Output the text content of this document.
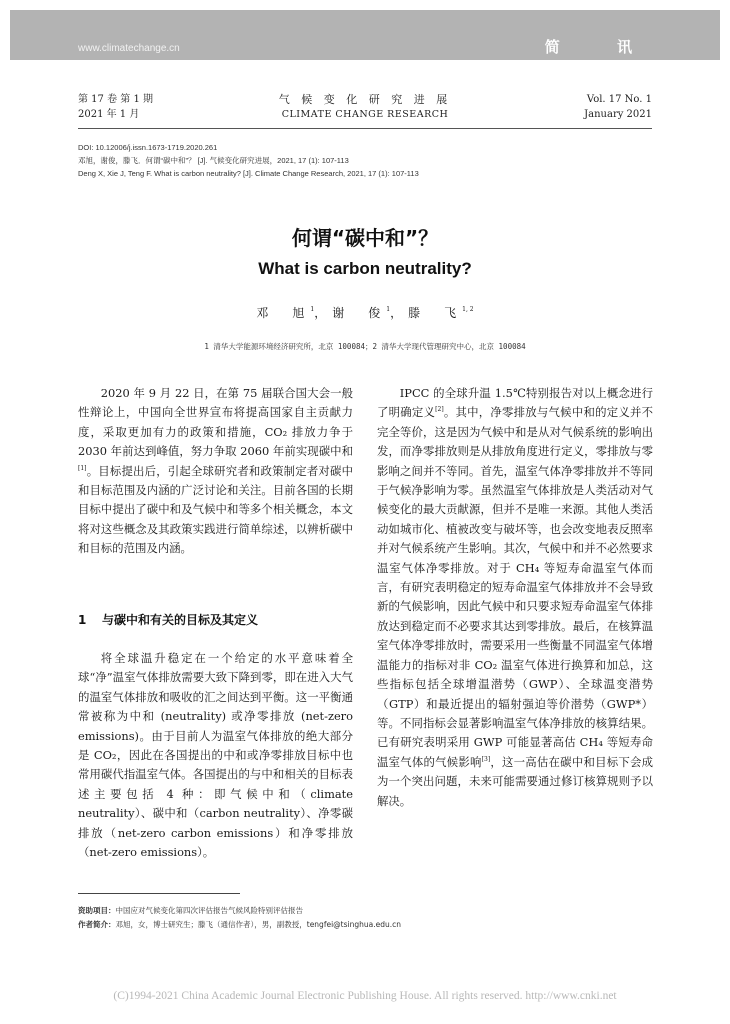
www.climatechange.cn	简 讯
第 17 卷 第 1 期
2021 年 1 月
气 候 变 化 研 究 进 展
CLIMATE CHANGE RESEARCH
Vol. 17 No. 1
January 2021
DOI: 10.12006/j.issn.1673-1719.2020.261
邓旭，谢俊，滕飞．何谓“碳中和”？ [J]. 气候变化研究进展，2021, 17 (1): 107-113
Deng X, Xie J, Teng F. What is carbon neutrality? [J]. Climate Change Research, 2021, 17 (1): 107-113
何谓“碳中和”？
What is carbon neutrality?
邓　旭$^1$，谢　俊$^1$，滕　飞$^{1, 2}$
1 清华大学能源环境经济研究所，北京 100084；2 清华大学现代管理研究中心，北京 100084

2020 年 9 月 22 日，在第 75 届联合国大会一般性辩论上，中国向全世界宣布将提高国家自主贡献力度，采取更加有力的政策和措施，CO₂ 排放力争于 2030 年前达到峰值，努力争取 2060 年前实现碳中和[1]。目标提出后，引起全球研究者和政策制定者对碳中和目标范围及内涵的广泛讨论和关注。目前各国的长期目标中提出了碳中和及气候中和等多个相关概念，本文将对这些概念及其政策实践进行简单综述，以辨析碳中和目标的范围及内涵。

1 与碳中和有关的目标及其定义

将全球温升稳定在一个给定的水平意味着全球“净”温室气体排放需要大致下降到零，即在进入大气的温室气体排放和吸收的汇之间达到平衡。这一平衡通常被称为中和 (neutrality) 或净零排放 (net-zero emissions)。由于目前人为温室气体排放的绝大部分是 CO₂，因此在各国提出的中和或净零排放目标中也常用碳代指温室气体。各国提出的与中和相关的目标表述主要包括 4 种：即气候中和（climate neutrality）、碳中和（carbon neutrality）、净零碳排放（net-zero carbon emissions）和净零排放（net-zero emissions）。

IPCC 的全球升温 1.5℃特别报告对以上概念进行了明确定义[2]。其中，净零排放与气候中和的定义并不完全等价，这是因为气候中和是从对气候系统的影响出发，而净零排放则是从排放角度进行定义，零排放与零影响之间并不等同。首先，温室气体净零排放并不等同于气候净影响为零。虽然温室气体排放是人类活动对气候变化的最大贡献源，但并不是唯一来源。其他人类活动如城市化、植被改变与破坏等，也会改变地表反照率并对气候系统产生影响。其次，气候中和并不必然要求温室气体净零排放。对于 CH₄ 等短寿命温室气体而言，有研究表明稳定的短寿命温室气体排放并不会导致新的气候影响，因此气候中和只要求短寿命温室气体排放达到稳定而不必要求其达到零排放。最后，在核算温室气体净零排放时，需要采用一些衡量不同温室气体增温能力的指标对非 CO₂ 温室气体进行换算和加总，这些指标包括全球增温潜势（GWP）、全球温变潜势（GTP）和最近提出的辐射强迫等价潜势（GWP*）等。不同指标会显著影响温室气体净排放的核算结果。已有研究表明采用 GWP 可能显著高估 CH₄ 等短寿命温室气体的气候影响[3]，这一高估在碳中和目标下会成为一个突出问题，未来可能需要通过修订核算规则予以解决。

资助项目：中国应对气候变化第四次评估报告气候风险特别评估报告
作者简介：邓旭，女，博士研究生；滕飞（通信作者），男，副教授，tengfei@tsinghua.edu.cn
(C)1994-2021 China Academic Journal Electronic Publishing House. All rights reserved. http://www.cnki.net
